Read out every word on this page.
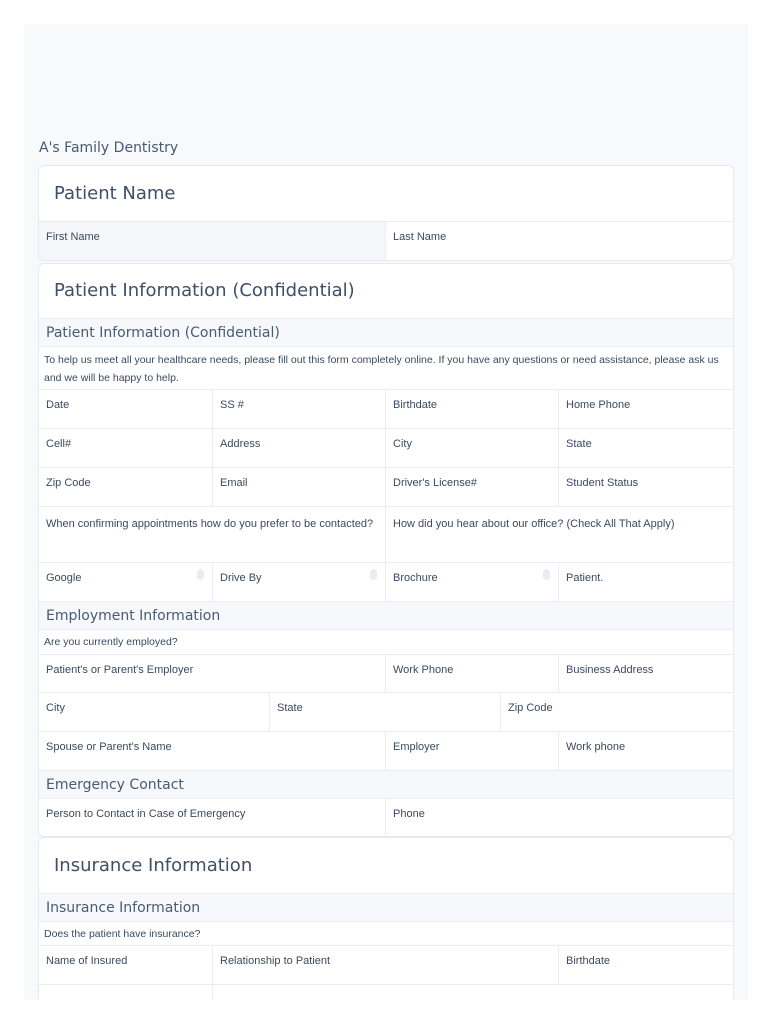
A's Family Dentistry
Patient Name
First Name	Last Name
Patient Information (Confidential)
Patient Information (Confidential)
To help us meet all your healthcare needs, please fill out this form completely online. If you have any questions or need assistance, please ask us and we will be happy to help.
Date	SS #	Birthdate	Home Phone
Cell#	Address	City	State
Zip Code	Email	Driver's License#	Student Status
When confirming appointments how do you prefer to be contacted?	How did you hear about our office? (Check All That Apply)
Google	Drive By	Brochure	Patient.
Employment Information
Are you currently employed?
Patient's or Parent's Employer	Work Phone	Business Address
City	State	Zip Code
Spouse or Parent's Name	Employer	Work phone
Emergency Contact
Person to Contact in Case of Emergency	Phone
Insurance Information
Insurance Information
Does the patient have insurance?
Name of Insured	Relationship to Patient	Birthdate
